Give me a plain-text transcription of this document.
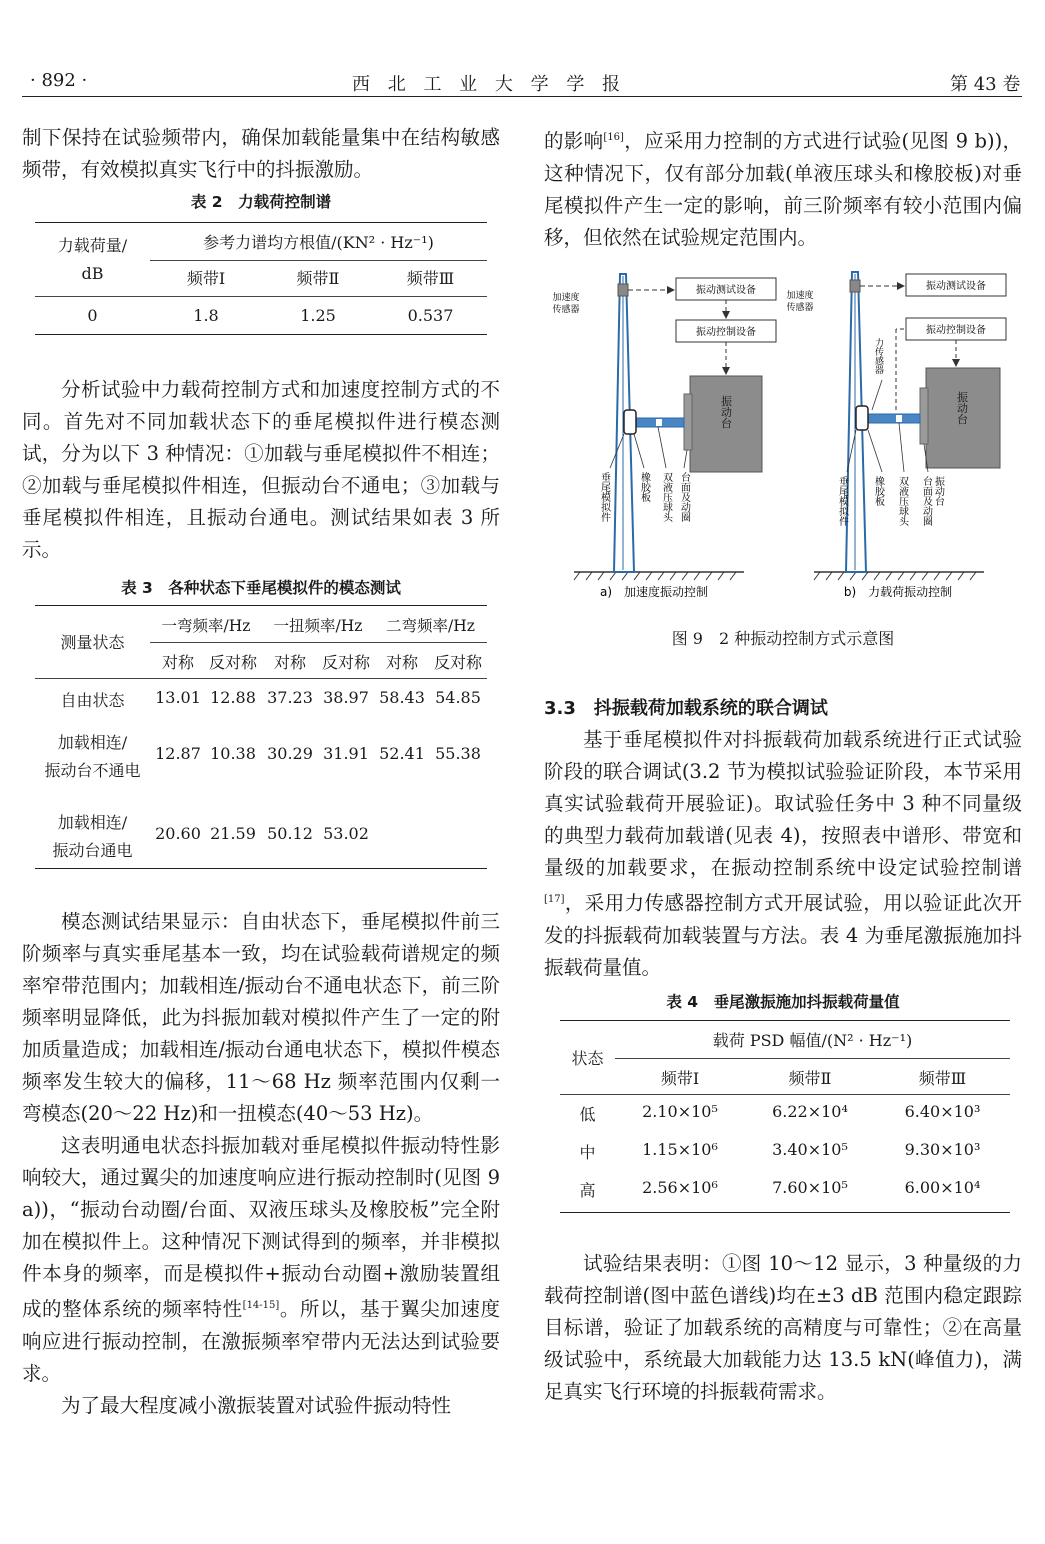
· 892 ·	西 北 工 业 大 学 学 报	第 43 卷

制下保持在试验频带内，确保加载能量集中在结构敏感频带，有效模拟真实飞行中的抖振激励。

表 2　力载荷控制谱
力载荷量/
dB
参考力谱均方根值/(KN² · Hz⁻¹)
频带Ⅰ	频带Ⅱ	频带Ⅲ
0	1.8	1.25	0.537

分析试验中力载荷控制方式和加速度控制方式的不同。首先对不同加载状态下的垂尾模拟件进行模态测试，分为以下 3 种情况：①加载与垂尾模拟件不相连；②加载与垂尾模拟件相连，但振动台不通电；③加载与垂尾模拟件相连，且振动台通电。测试结果如表 3 所示。

表 3　各种状态下垂尾模拟件的模态测试
测量状态
一弯频率/Hz	一扭频率/Hz	二弯频率/Hz
对称 反对称	对称 反对称 对称 反对称
自由状态	13.01 12.88 37.23 38.97 58.43 54.85
加载相连/
振动台不通电
12.87 10.38 30.29 31.91 52.41 55.38
加载相连/
振动台通电
20.60 21.59 50.12 53.02

模态测试结果显示：自由状态下，垂尾模拟件前三阶频率与真实垂尾基本一致，均在试验载荷谱规定的频率窄带范围内；加载相连/振动台不通电状态下，前三阶频率明显降低，此为抖振加载对模拟件产生了一定的附加质量造成；加载相连/振动台通电状态下，模拟件模态频率发生较大的偏移，11～68 Hz 频率范围内仅剩一弯模态(20～22 Hz)和一扭模态(40～53 Hz)。

这表明通电状态抖振加载对垂尾模拟件振动特性影响较大，通过翼尖的加速度响应进行振动控制时(见图 9 a))，“振动台动圈/台面、双液压球头及橡胶板”完全附加在模拟件上。这种情况下测试得到的频率，并非模拟件本身的频率，而是模拟件+振动台动圈+激励装置组成的整体系统的频率特性[14-15]。所以，基于翼尖加速度响应进行振动控制，在激振频率窄带内无法达到试验要求。

为了最大程度减小激振装置对试验件振动特性

的影响[16]，应采用力控制的方式进行试验(见图 9 b))，这种情况下，仅有部分加载(单液压球头和橡胶板)对垂尾模拟件产生一定的影响，前三阶频率有较小范围内偏移，但依然在试验规定范围内。

振动测试设备
振动控制设备
振动台
加速度
传感器
垂尾模拟件	橡胶板 双液压球头 台面及动圈
a)　加速度振动控制
振动测试设备
振动控制设备
振动台
加速度
传感器
力传感器
垂尾模拟件	橡胶板 双液压球头 台面及动圈 振动台
b)　力载荷振动控制
图 9　2 种振动控制方式示意图
3.3　抖振载荷加载系统的联合调试

基于垂尾模拟件对抖振载荷加载系统进行正式试验阶段的联合调试(3.2 节为模拟试验验证阶段，本节采用真实试验载荷开展验证)。取试验任务中 3 种不同量级的典型力载荷加载谱(见表 4)，按照表中谱形、带宽和量级的加载要求，在振动控制系统中设定试验控制谱[17]，采用力传感器控制方式开展试验，用以验证此次开发的抖振载荷加载装置与方法。表 4 为垂尾激振施加抖振载荷量值。

表 4　垂尾激振施加抖振载荷量值
状态
载荷 PSD 幅值/(N² · Hz⁻¹)
频带Ⅰ	频带Ⅱ	频带Ⅲ
低	2.10×10⁵	6.22×10⁴	6.40×10³
中	1.15×10⁶	3.40×10⁵	9.30×10³
高	2.56×10⁶	7.60×10⁵	6.00×10⁴

试验结果表明：①图 10～12 显示，3 种量级的力载荷控制谱(图中蓝色谱线)均在±3 dB 范围内稳定跟踪目标谱，验证了加载系统的高精度与可靠性；②在高量级试验中，系统最大加载能力达 13.5 kN(峰值力)，满足真实飞行环境的抖振载荷需求。
